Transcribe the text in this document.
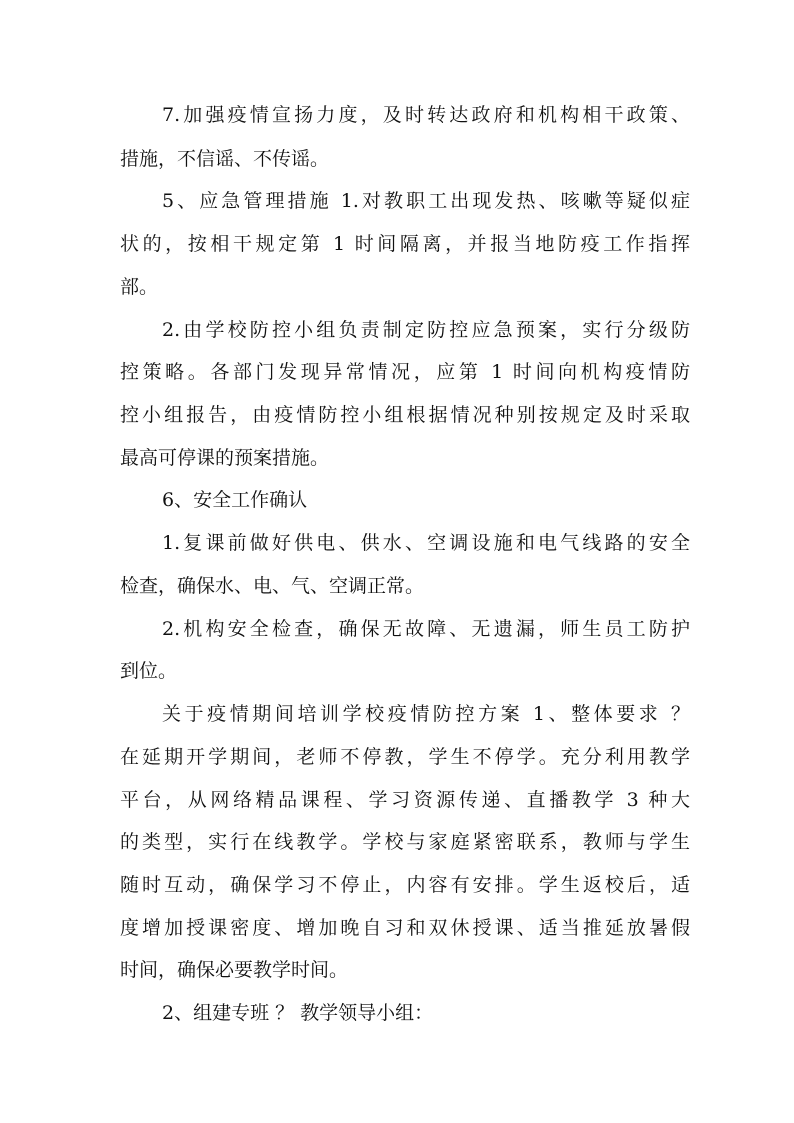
7.加强疫情宣扬力度，及时转达政府和机构相干政策、

措施，不信谣、不传谣。

5、应急管理措施 1.对教职工出现发热、咳嗽等疑似症

状的，按相干规定第 1 时间隔离，并报当地防疫工作指挥

部。

2.由学校防控小组负责制定防控应急预案，实行分级防

控策略。各部门发现异常情况，应第 1 时间向机构疫情防

控小组报告，由疫情防控小组根据情况种别按规定及时采取

最高可停课的预案措施。

6、安全工作确认

1.复课前做好供电、供水、空调设施和电气线路的安全

检查，确保水、电、气、空调正常。

2.机构安全检查，确保无故障、无遗漏，师生员工防护

到位。

关于疫情期间培训学校疫情防控方案 1、整体要求 ？

在延期开学期间，老师不停教，学生不停学。充分利用教学

平台，从网络精品课程、学习资源传递、直播教学 3 种大

的类型，实行在线教学。学校与家庭紧密联系，教师与学生

随时互动，确保学习不停止，内容有安排。学生返校后，适

度增加授课密度、增加晚自习和双休授课、适当推延放暑假

时间，确保必要教学时间。

2、组建专班 ？ 教学领导小组：
